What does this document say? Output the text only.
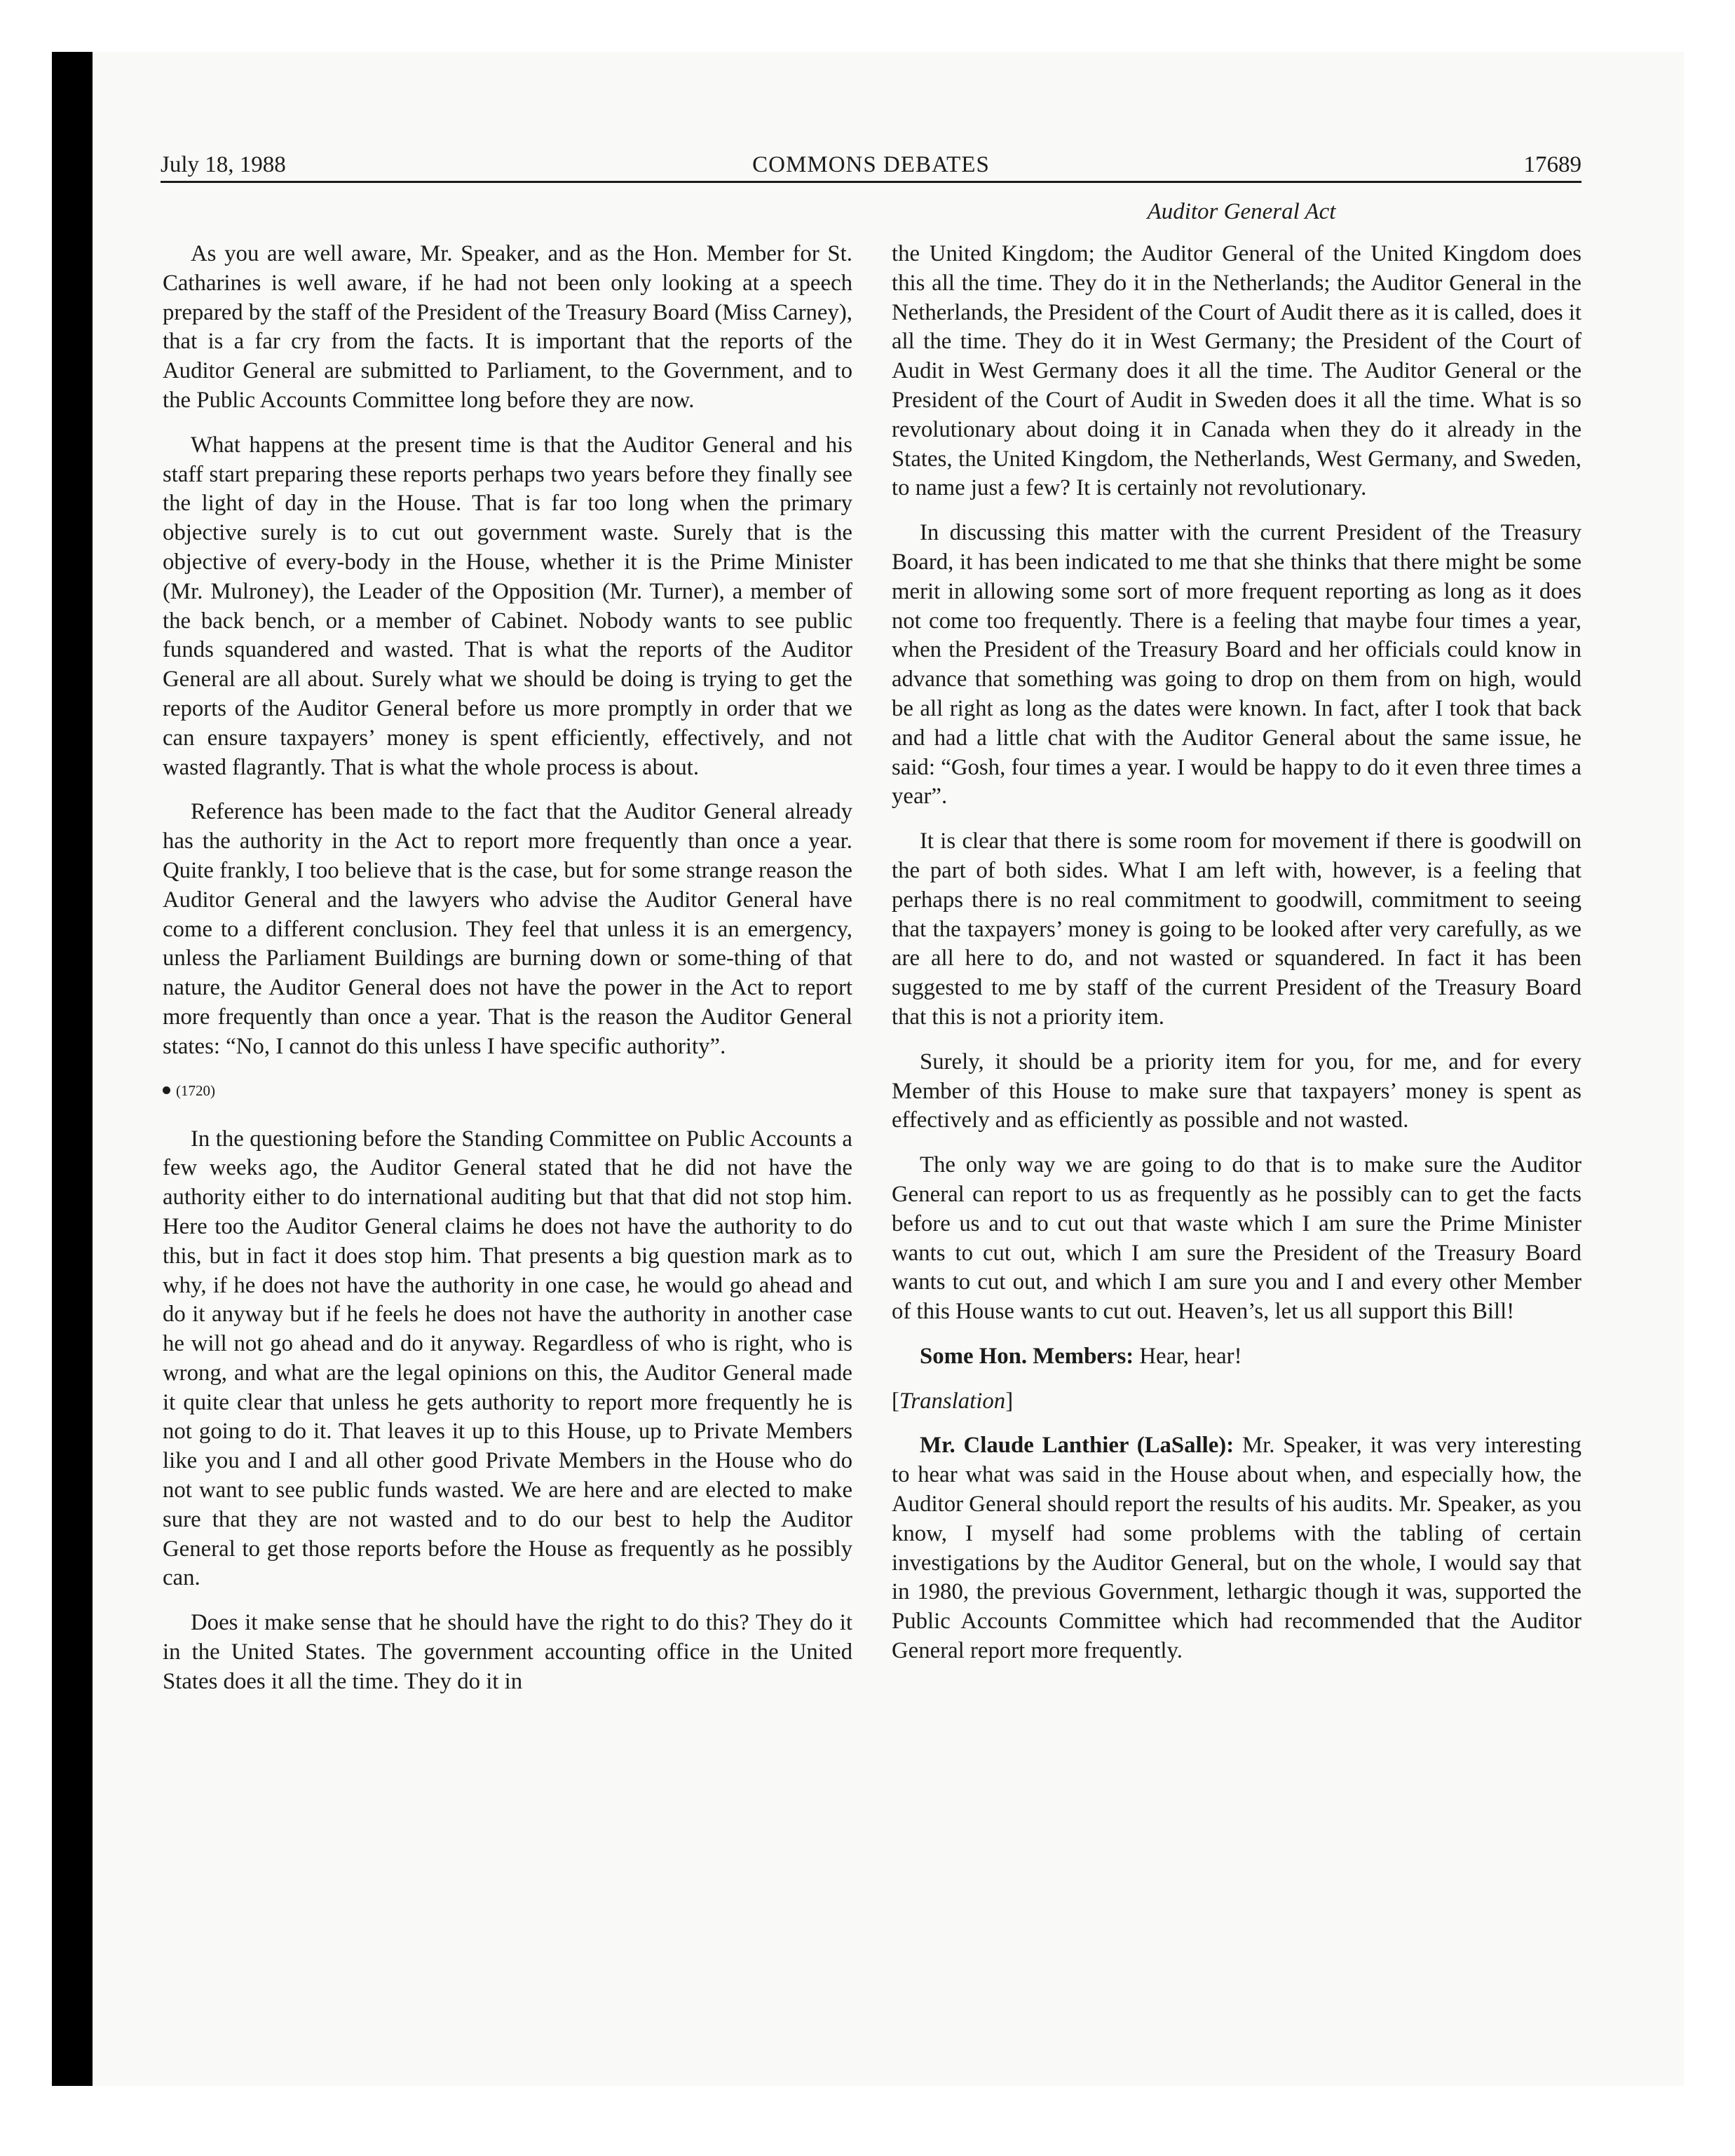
July 18, 1988	COMMONS DEBATES	17689
Auditor General Act

As you are well aware, Mr. Speaker, and as the Hon. Member for St. Catharines is well aware, if he had not been only looking at a speech prepared by the staff of the President of the Treasury Board (Miss Carney), that is a far cry from the facts. It is important that the reports of the Auditor General are submitted to Parliament, to the Government, and to the Public Accounts Committee long before they are now.

What happens at the present time is that the Auditor General and his staff start preparing these reports perhaps two years before they finally see the light of day in the House. That is far too long when the primary objective surely is to cut out government waste. Surely that is the objective of every-body in the House, whether it is the Prime Minister (Mr. Mulroney), the Leader of the Opposition (Mr. Turner), a member of the back bench, or a member of Cabinet. Nobody wants to see public funds squandered and wasted. That is what the reports of the Auditor General are all about. Surely what we should be doing is trying to get the reports of the Auditor General before us more promptly in order that we can ensure taxpayers’ money is spent efficiently, effectively, and not wasted flagrantly. That is what the whole process is about.

Reference has been made to the fact that the Auditor General already has the authority in the Act to report more frequently than once a year. Quite frankly, I too believe that is the case, but for some strange reason the Auditor General and the lawyers who advise the Auditor General have come to a different conclusion. They feel that unless it is an emergency, unless the Parliament Buildings are burning down or some-thing of that nature, the Auditor General does not have the power in the Act to report more frequently than once a year. That is the reason the Auditor General states: “No, I cannot do this unless I have specific authority”.

(1720)

In the questioning before the Standing Committee on Public Accounts a few weeks ago, the Auditor General stated that he did not have the authority either to do international auditing but that that did not stop him. Here too the Auditor General claims he does not have the authority to do this, but in fact it does stop him. That presents a big question mark as to why, if he does not have the authority in one case, he would go ahead and do it anyway but if he feels he does not have the authority in another case he will not go ahead and do it anyway. Regardless of who is right, who is wrong, and what are the legal opinions on this, the Auditor General made it quite clear that unless he gets authority to report more frequently he is not going to do it. That leaves it up to this House, up to Private Members like you and I and all other good Private Members in the House who do not want to see public funds wasted. We are here and are elected to make sure that they are not wasted and to do our best to help the Auditor General to get those reports before the House as frequently as he possibly can.

Does it make sense that he should have the right to do this? They do it in the United States. The government accounting office in the United States does it all the time. They do it in

the United Kingdom; the Auditor General of the United Kingdom does this all the time. They do it in the Netherlands; the Auditor General in the Netherlands, the President of the Court of Audit there as it is called, does it all the time. They do it in West Germany; the President of the Court of Audit in West Germany does it all the time. The Auditor General or the President of the Court of Audit in Sweden does it all the time. What is so revolutionary about doing it in Canada when they do it already in the States, the United Kingdom, the Netherlands, West Germany, and Sweden, to name just a few? It is certainly not revolutionary.

In discussing this matter with the current President of the Treasury Board, it has been indicated to me that she thinks that there might be some merit in allowing some sort of more frequent reporting as long as it does not come too frequently. There is a feeling that maybe four times a year, when the President of the Treasury Board and her officials could know in advance that something was going to drop on them from on high, would be all right as long as the dates were known. In fact, after I took that back and had a little chat with the Auditor General about the same issue, he said: “Gosh, four times a year. I would be happy to do it even three times a year”.

It is clear that there is some room for movement if there is goodwill on the part of both sides. What I am left with, however, is a feeling that perhaps there is no real commitment to goodwill, commitment to seeing that the taxpayers’ money is going to be looked after very carefully, as we are all here to do, and not wasted or squandered. In fact it has been suggested to me by staff of the current President of the Treasury Board that this is not a priority item.

Surely, it should be a priority item for you, for me, and for every Member of this House to make sure that taxpayers’ money is spent as effectively and as efficiently as possible and not wasted.

The only way we are going to do that is to make sure the Auditor General can report to us as frequently as he possibly can to get the facts before us and to cut out that waste which I am sure the Prime Minister wants to cut out, which I am sure the President of the Treasury Board wants to cut out, and which I am sure you and I and every other Member of this House wants to cut out. Heaven’s, let us all support this Bill!

Some Hon. Members: Hear, hear!

[Translation]

Mr. Claude Lanthier (LaSalle): Mr. Speaker, it was very interesting to hear what was said in the House about when, and especially how, the Auditor General should report the results of his audits. Mr. Speaker, as you know, I myself had some problems with the tabling of certain investigations by the Auditor General, but on the whole, I would say that in 1980, the previous Government, lethargic though it was, supported the Public Accounts Committee which had recommended that the Auditor General report more frequently.
